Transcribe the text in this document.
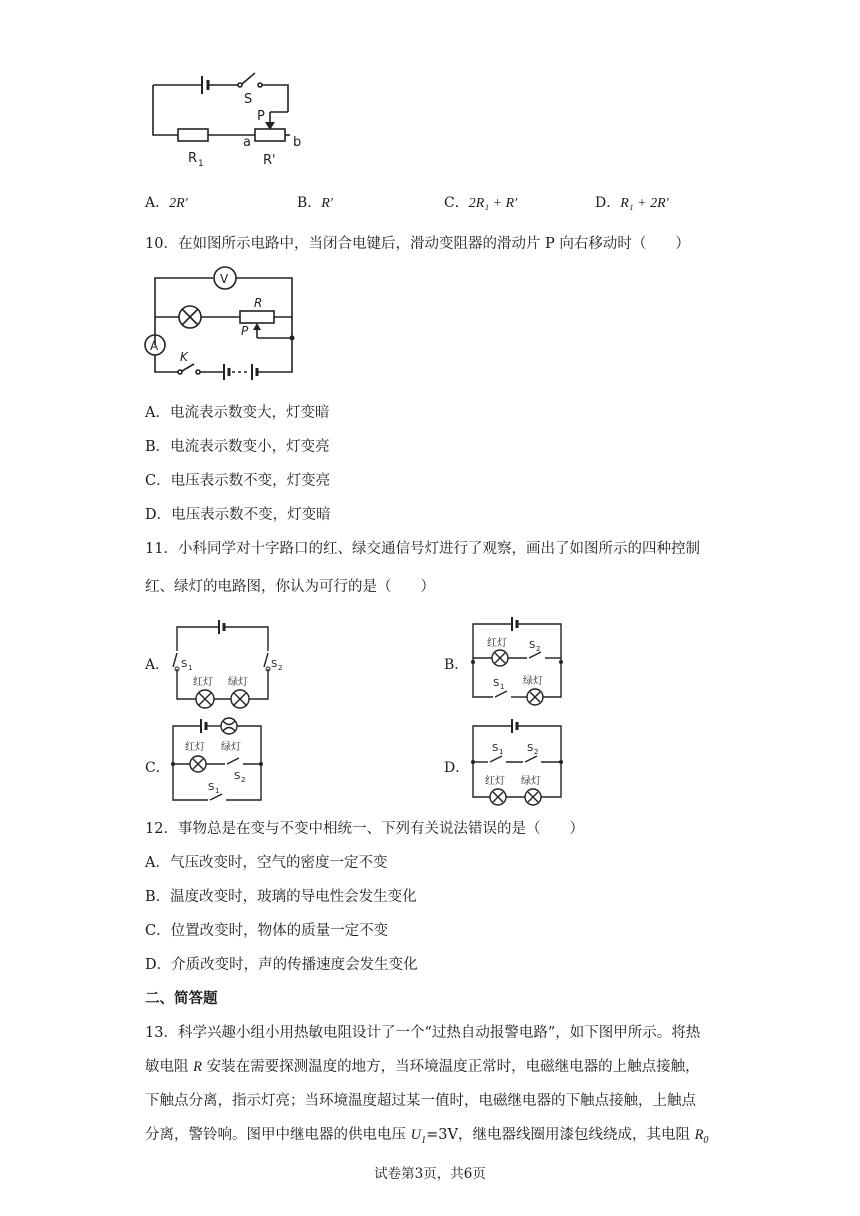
S
P
R 1
a	b
R'
A．2R′	B．R′	C．2R₁ + R′	D．R₁ + 2R′
10．在如图所示电路中，当闭合电键后，滑动变阻器的滑动片 P 向右移动时（　　）
V
A
R
P
K
A．电流表示数变大，灯变暗
B．电流表示数变小，灯变亮
C．电压表示数不变，灯变亮
D．电压表示数不变，灯变暗
11．小科同学对十字路口的红、绿交通信号灯进行了观察，画出了如图所示的四种控制
红、绿灯的电路图，你认为可行的是（　　）
A．	B．
C．	D．
S 1	S 2
红灯 绿灯
红灯 S 2
S 1 绿灯
红灯 绿灯
S 2
S 1
S 1 S 2
红灯 绿灯
12．事物总是在变与不变中相统一、下列有关说法错误的是（　　）
A．气压改变时，空气的密度一定不变
B．温度改变时，玻璃的导电性会发生变化
C．位置改变时，物体的质量一定不变
D．介质改变时，声的传播速度会发生变化
二、简答题
13．科学兴趣小组小用热敏电阻设计了一个“过热自动报警电路”，如下图甲所示。将热
敏电阻 R 安装在需要探测温度的地方，当环境温度正常时，电磁继电器的上触点接触，
下触点分离，指示灯亮；当环境温度超过某一值时，电磁继电器的下触点接触，上触点
分离，警铃响。图甲中继电器的供电电压 $U_1=3V$，继电器线圈用漆包线绕成，其电阻 $R_0$
试卷第3页，共6页
